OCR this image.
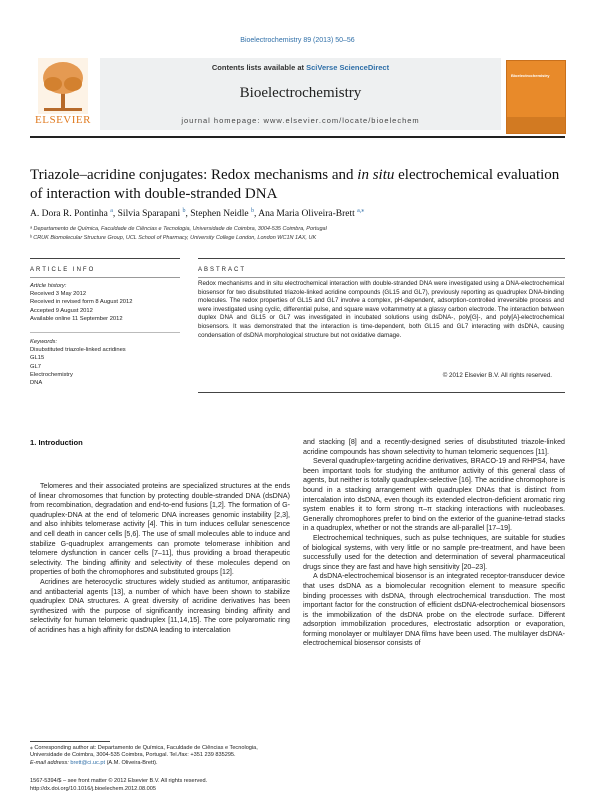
Bioelectrochemistry 89 (2013) 50–56
ELSEVIER
Contents lists available at SciVerse ScienceDirect
Bioelectrochemistry
journal homepage: www.elsevier.com/locate/bioelechem
Bioelectrochemistry
Triazole–acridine conjugates: Redox mechanisms and in situ electrochemical evaluation of interaction with double-stranded DNA
A. Dora R. Pontinha $^a$, Silvia Sparapani $^b$, Stephen Neidle $^b$, Ana Maria Oliveira-Brett $^{a,⁎}$
ᵃ Departamento de Química, Faculdade de Ciências e Tecnologia, Universidade de Coimbra, 3004-535 Coimbra, Portugal
ᵇ CRUK Biomolecular Structure Group, UCL School of Pharmacy, University College London, London WC1N 1AX, UK
ARTICLE INFO	ABSTRACT
Article history:
Received 3 May 2012
Received in revised form 8 August 2012
Accepted 9 August 2012
Available online 11 September 2012
Keywords:
Disubstituted triazole-linked acridines
GL15
GL7
Electrochemistry
DNA
Redox mechanisms and in situ electrochemical interaction with double-stranded DNA were investigated using a DNA-electrochemical biosensor for two disubstituted triazole-linked acridine compounds (GL15 and GL7), previously reporting as quadruplex DNA-binding molecules. The redox properties of GL15 and GL7 involve a complex, pH-dependent, adsorption-controlled irreversible process and were investigated using cyclic, differential pulse, and square wave voltammetry at a glassy carbon electrode. The interaction between duplex DNA and GL15 or GL7 was investigated in incubated solutions using dsDNA-, poly[G]-, and poly[A]-electrochemical biosensors. It was demonstrated that the interaction is time-dependent, both GL15 and GL7 interacting with dsDNA, causing condensation of dsDNA morphological structure but not oxidative damage.
© 2012 Elsevier B.V. All rights reserved.
1. Introduction

Telomeres and their associated proteins are specialized structures at the ends of linear chromosomes that function by protecting double-stranded DNA (dsDNA) from recombination, degradation and end-to-end fusions [1,2]. The formation of G-quadruplex-DNA at the end of telomeric DNA increases genomic instability [2,3], and also inhibits telomerase activity [4]. This in turn induces cellular senescence and cell death in cancer cells [5,6]. The use of small molecules able to induce and stabilize G-quadruplex arrangements can promote telomerase inhibition and telomere dysfunction in cancer cells [7–11], thus providing a broad therapeutic selectivity. The binding affinity and selectivity of these molecules depend on properties of both the chromophores and substituted groups [12].

Acridines are heterocyclic structures widely studied as antitumor, antiparasitic and antibacterial agents [13], a number of which have been shown to stabilize quadruplex DNA structures. A great diversity of acridine derivatives has been synthesized with the purpose of significantly increasing binding affinity and selectivity for human telomeric quadruplex [11,14,15]. The core polyaromatic ring of acridines has a high affinity for dsDNA leading to intercalation

and stacking [8] and a recently-designed series of disubstituted triazole-linked acridine compounds has shown selectivity to human telomeric sequences [11].

Several quadruplex-targeting acridine derivatives, BRACO-19 and RHPS4, have been important tools for studying the antitumor activity of this general class of agents, but neither is totally quadruplex-selective [16]. The acridine chromophore is bound in a stacking arrangement with quadruplex DNAs that is distinct from intercalation into dsDNA, even though its extended electron-deficient aromatic ring system enables it to form strong π–π stacking interactions with nucleobases. Generally chromophores prefer to bind on the exterior of the guanine-tetrad stacks in a quadruplex, whether or not the strands are all-parallel [17–19].

Electrochemical techniques, such as pulse techniques, are suitable for studies of biological systems, with very little or no sample pre-treatment, and have been successfully used for the detection and determination of several pharmaceutical drugs since they are fast and have high sensitivity [20–23].

A dsDNA-electrochemical biosensor is an integrated receptor-transducer device that uses dsDNA as a biomolecular recognition element to measure specific binding processes with dsDNA, through electrochemical transduction. The most important factor for the construction of efficient dsDNA-electrochemical biosensors is the immobilization of the dsDNA probe on the electrode surface. Different adsorption immobilization procedures, electrostatic adsorption or evaporation, forming monolayer or multilayer DNA films have been used. The multilayer dsDNA-electrochemical biosensor consists of

⁎ Corresponding author at: Departamento de Química, Faculdade de Ciências e Tecnologia, Universidade de Coimbra, 3004-535 Coimbra, Portugal. Tel./fax: +351 239 835295.
E-mail address: brett@ci.uc.pt (A.M. Oliveira-Brett).
1567-5394/$ – see front matter © 2012 Elsevier B.V. All rights reserved.
http://dx.doi.org/10.1016/j.bioelechem.2012.08.005
